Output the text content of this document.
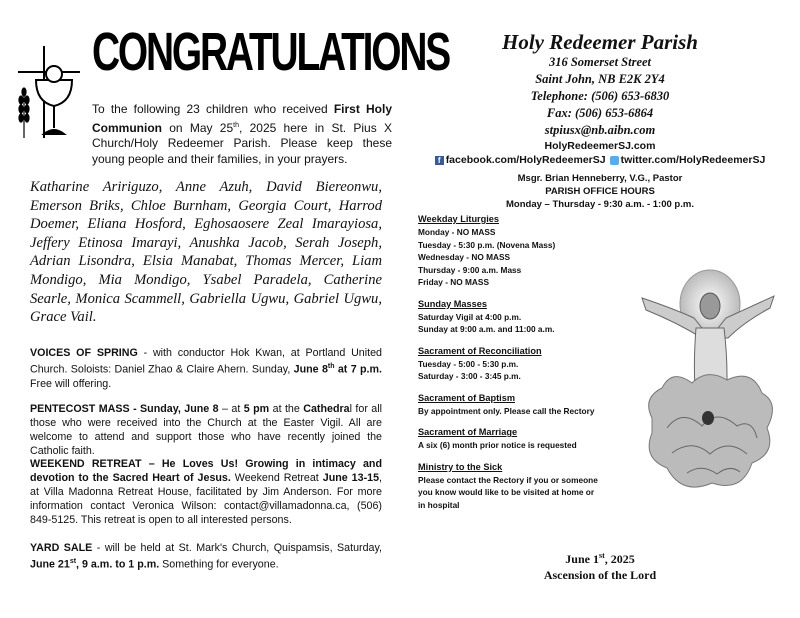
CONGRATULATIONS
To the following 23 children who received First Holy Communion on May 25th, 2025 here in St. Pius X Church/Holy Redeemer Parish. Please keep these young people and their families, in your prayers.
Katharine Aririguzo, Anne Azuh, David Biereonwu, Emerson Briks, Chloe Burnham, Georgia Court, Harrod Doemer, Eliana Hosford, Eghosaosere Zeal Imarayiosa, Jeffery Etinosa Imarayi, Anushka Jacob, Serah Joseph, Adrian Lisondra, Elsia Manabat, Thomas Mercer, Liam Mondigo, Mia Mondigo, Ysabel Paradela, Catherine Searle, Monica Scammell, Gabriella Ugwu, Gabriel Ugwu, Grace Vail.
VOICES OF SPRING - with conductor Hok Kwan, at Portland United Church. Soloists: Daniel Zhao & Claire Ahern. Sunday, June 8th at 7 p.m. Free will offering.
PENTECOST MASS - Sunday, June 8 – at 5 pm at the Cathedral for all those who were received into the Church at the Easter Vigil. All are welcome to attend and support those who have recently joined the Catholic faith.
WEEKEND RETREAT – He Loves Us! Growing in intimacy and devotion to the Sacred Heart of Jesus. Weekend Retreat June 13-15, at Villa Madonna Retreat House, facilitated by Jim Anderson. For more information contact Veronica Wilson: contact@villamadonna.ca, (506) 849-5125. This retreat is open to all interested persons.
YARD SALE - will be held at St. Mark's Church, Quispamsis, Saturday, June 21st, 9 a.m. to 1 p.m. Something for everyone.
Holy Redeemer Parish
316 Somerset Street
Saint John, NB E2K 2Y4
Telephone: (506) 653-6830
Fax: (506) 653-6864
stpiusx@nb.aibn.com
HolyRedeemerSJ.com
f facebook.com/HolyRedeemerSJ twitter.com/HolyRedeemerSJ
Msgr. Brian Henneberry, V.G., Pastor
PARISH OFFICE HOURS
Monday – Thursday - 9:30 a.m. - 1:00 p.m.
Weekday Liturgies
Monday - NO MASS
Tuesday - 5:30 p.m. (Novena Mass)
Wednesday - NO MASS
Thursday - 9:00 a.m. Mass
Friday - NO MASS
Sunday Masses
Saturday Vigil at 4:00 p.m.
Sunday at 9:00 a.m. and 11:00 a.m.
Sacrament of Reconciliation
Tuesday - 5:00 - 5:30 p.m.
Saturday - 3:00 - 3:45 p.m.
Sacrament of Baptism
By appointment only. Please call the Rectory
Sacrament of Marriage
A six (6) month prior notice is requested
Ministry to the Sick
Please contact the Rectory if you or someone
you know would like to be visited at home or
in hospital
June 1st, 2025
Ascension of the Lord
